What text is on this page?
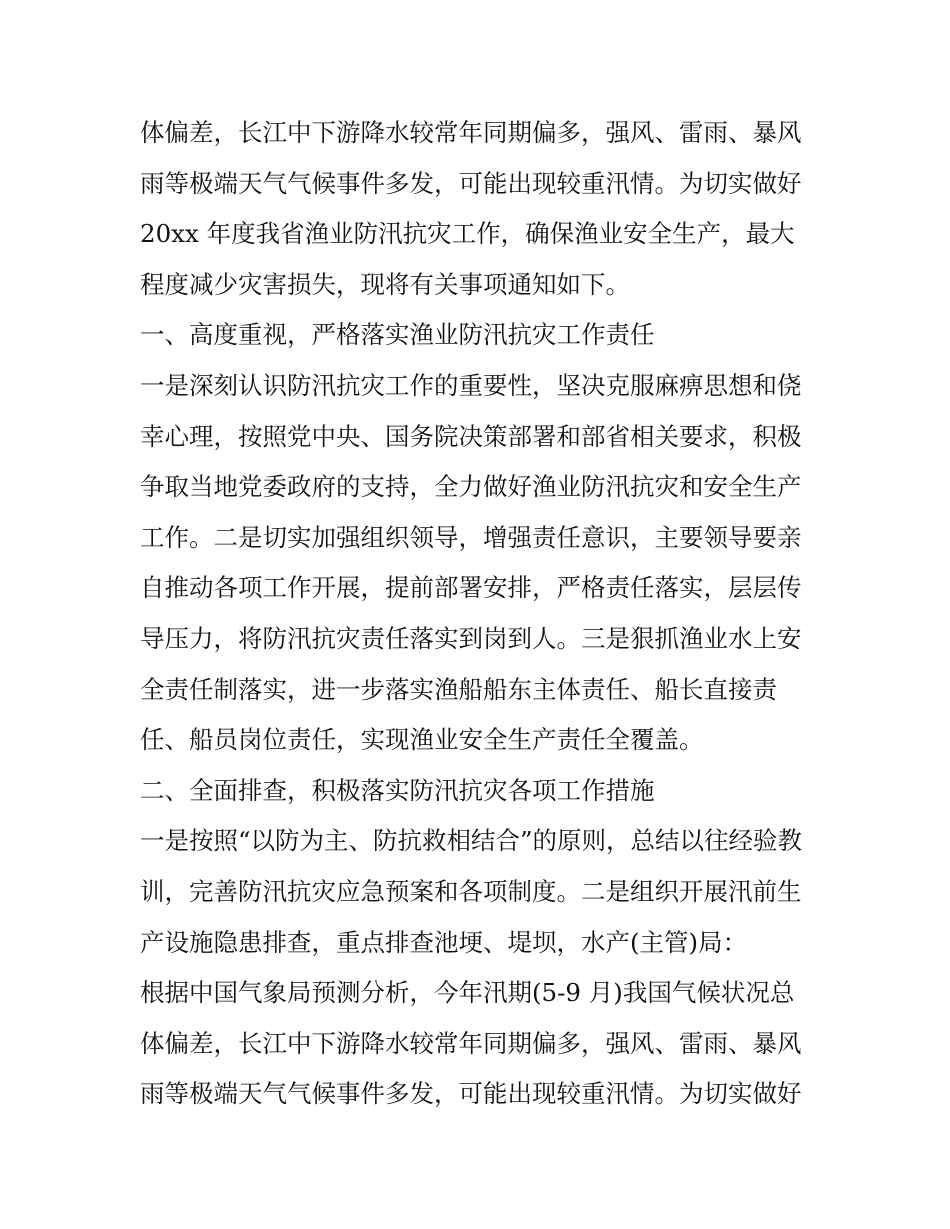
体偏差，长江中下游降水较常年同期偏多，强风、雷雨、暴风
雨等极端天气气候事件多发，可能出现较重汛情。为切实做好
20xx 年度我省渔业防汛抗灾工作，确保渔业安全生产，最大
程度减少灾害损失，现将有关事项通知如下。
一、高度重视，严格落实渔业防汛抗灾工作责任
一是深刻认识防汛抗灾工作的重要性，坚决克服麻痹思想和侥
幸心理，按照党中央、国务院决策部署和部省相关要求，积极
争取当地党委政府的支持，全力做好渔业防汛抗灾和安全生产
工作。二是切实加强组织领导，增强责任意识，主要领导要亲
自推动各项工作开展，提前部署安排，严格责任落实，层层传
导压力，将防汛抗灾责任落实到岗到人。三是狠抓渔业水上安
全责任制落实，进一步落实渔船船东主体责任、船长直接责
任、船员岗位责任，实现渔业安全生产责任全覆盖。
二、全面排查，积极落实防汛抗灾各项工作措施
一是按照“以防为主、防抗救相结合”的原则，总结以往经验教
训，完善防汛抗灾应急预案和各项制度。二是组织开展汛前生
产设施隐患排查，重点排查池埂、堤坝，水产(主管)局：
根据中国气象局预测分析，今年汛期(5-9 月)我国气候状况总
体偏差，长江中下游降水较常年同期偏多，强风、雷雨、暴风
雨等极端天气气候事件多发，可能出现较重汛情。为切实做好
